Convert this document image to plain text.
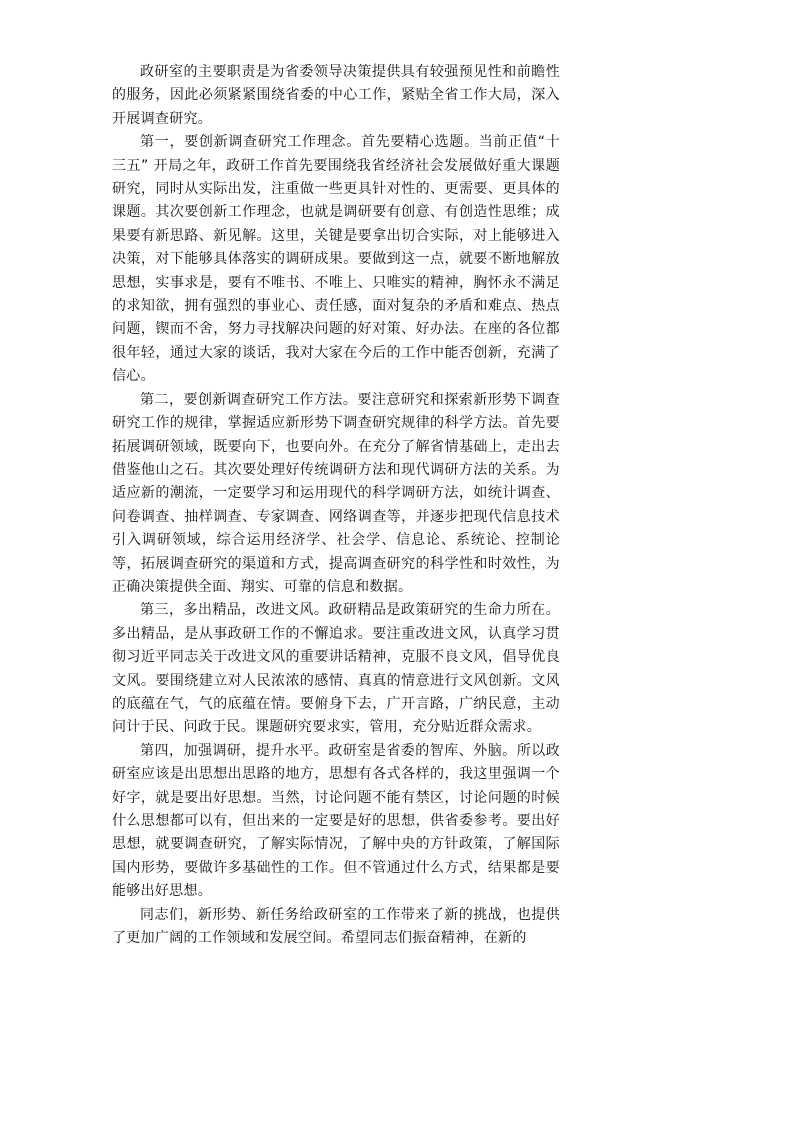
政研室的主要职责是为省委领导决策提供具有较强预见性和前瞻性的服务，因此必须紧紧围绕省委的中心工作，紧贴全省工作大局，深入开展调查研究。

第一，要创新调查研究工作理念。首先要精心选题。当前正值“十三五” 开局之年，政研工作首先要围绕我省经济社会发展做好重大课题研究，同时从实际出发，注重做一些更具针对性的、更需要、更具体的课题。其次要创新工作理念，也就是调研要有创意、有创造性思维；成果要有新思路、新见解。这里，关键是要拿出切合实际，对上能够进入决策，对下能够具体落实的调研成果。要做到这一点，就要不断地解放思想，实事求是，要有不唯书、不唯上、只唯实的精神，胸怀永不满足的求知欲，拥有强烈的事业心、责任感，面对复杂的矛盾和难点、热点问题，锲而不舍，努力寻找解决问题的好对策、好办法。在座的各位都很年轻，通过大家的谈话，我对大家在今后的工作中能否创新，充满了信心。

第二，要创新调查研究工作方法。要注意研究和探索新形势下调查研究工作的规律，掌握适应新形势下调查研究规律的科学方法。首先要拓展调研领域，既要向下，也要向外。在充分了解省情基础上，走出去借鉴他山之石。其次要处理好传统调研方法和现代调研方法的关系。为适应新的潮流，一定要学习和运用现代的科学调研方法，如统计调查、问卷调查、抽样调查、专家调查、网络调查等，并逐步把现代信息技术引入调研领域，综合运用经济学、社会学、信息论、系统论、控制论等，拓展调查研究的渠道和方式，提高调查研究的科学性和时效性，为正确决策提供全面、翔实、可靠的信息和数据。

第三，多出精品，改进文风。政研精品是政策研究的生命力所在。多出精品，是从事政研工作的不懈追求。要注重改进文风，认真学习贯彻习近平同志关于改进文风的重要讲话精神，克服不良文风，倡导优良文风。要围绕建立对人民浓浓的感情、真真的情意进行文风创新。文风的底蕴在气，气的底蕴在情。要俯身下去，广开言路，广纳民意，主动问计于民、问政于民。课题研究要求实，管用，充分贴近群众需求。

第四，加强调研，提升水平。政研室是省委的智库、外脑。所以政研室应该是出思想出思路的地方，思想有各式各样的，我这里强调一个好字，就是要出好思想。当然，讨论问题不能有禁区，讨论问题的时候什么思想都可以有，但出来的一定要是好的思想，供省委参考。要出好思想，就要调查研究，了解实际情况，了解中央的方针政策，了解国际国内形势，要做许多基础性的工作。但不管通过什么方式，结果都是要能够出好思想。

同志们，新形势、新任务给政研室的工作带来了新的挑战，也提供了更加广阔的工作领域和发展空间。希望同志们振奋精神，在新的
